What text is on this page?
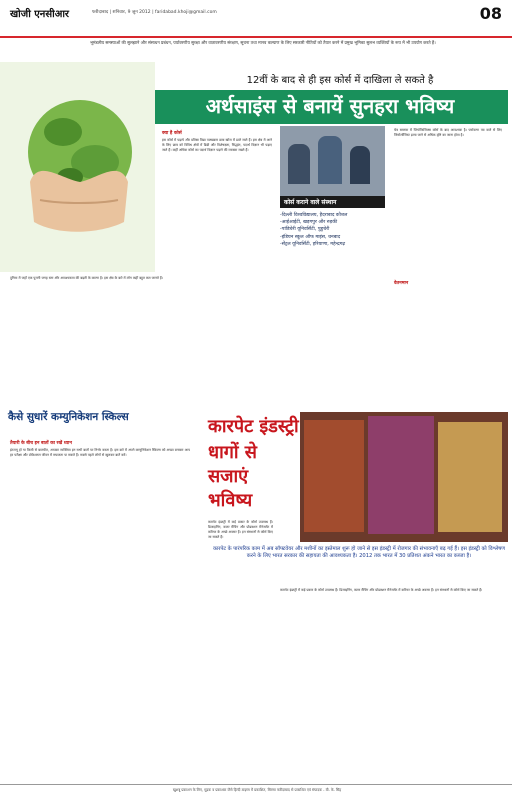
खोजी एनसीआर	फरीदाबाद | शनिवार, 9 जुन 2012 | faridabad.khoji@gmail.com	08
भूमंडलीय समस्याओं की सुलझाने और संसाधन प्रबंधन, पर्यावरणीय सुरक्षा और वातावरणीय संरक्षण, सूचना तथा मानव कल्याण के लिए सरकारी नीतियों को तैयार करने में प्रमुख भूमिका सुलभ व्यक्तियों के रूप में भी उपयोग करते हैं।
12वीं के बाद से ही इस कोर्स में दाखिला ले सकते है
अर्थसाइंस से बनायें सुनहरा भविष्य
क्या है कोर्स
इस कोर्स में पढ़ाये और प्रतिष्ठा विद्या पाठ्यक्रम छात्र खोज में डाले जाते हैं। इस क्षेत्र में आने के लिए छात्र को विविध क्षेत्रों में डिग्री और विशेषज्ञता, सिद्धांत, पदार्थ विज्ञान भी पढ़ाए जाते हैं। कहीं अधिक कोर्स का पदार्थ विज्ञान पढ़ाने की व्याख्या रखते हैं।
कोर्स कराने वाले संस्थान
-दिल्ली विश्वविद्यालय, हैदराबाद कौशल
-आईआईटी, खड़गपुर और रुड़की
-पांडिचेरी यूनिवर्सिटी, पुडुचेरी
-इंडियन स्कूल ऑफ माइंस, धनबाद
-सेंट्रल यूनिवर्सिटी, हरियाणा, महेन्द्रगढ़
चेत्र समस्या में जियोफिजिक्स कोर्स के बाद आवश्यक है। पर्यावरण पत्र वाले से लिए जियोलॉजिस्ट ढ़ाया जाने से अधिक दृष्टि का जाना होता है।
वेतनमान
दुनिया में जहाँ एक पुरानी जगह स्तर और आवश्यकता की बढ़ती के कारण है। इस क्षेत्र के बारे में लोग कहीं बहुत कम जानते हैं।
कैसे सुधारें कम्युनिकेशन स्किल्स
तैयारी के बीच इन बातों का रखें ध्यान
इंटरव्यू हो या किसी से बातचीत, आपका व्यक्तित्व इन सभी बातों पर निर्भर करता है। इस बारे में अपने कम्युनिकेशन स्किल्स को अच्छा बनाकर आप हर परीक्षा और प्रोफेशनल जीवन में सफलता पा सकते हैं। सबसे पहले लोगों से खुलकर बातें करें।
कारपेट इंडस्ट्री
धागों से
सजाएं
भविष्य
कारपेट इंडस्ट्री में कई प्रकार के कोर्स उपलब्ध हैं। डिजाइनिंग, कलर मैचिंग और प्रोडक्शन मैनेजमेंट में करियर के अच्छे अवसर हैं। इन संस्थानों से कोर्स किए जा सकते हैं।
कारपेट के पारंपरिक काम में अब सॉफ्टवेयर और मशीनों का इस्तेमाल शुरू हो जाने से इस इंडस्ट्री में रोजगार की संभावनाएँ बढ़ गई हैं। इस इंडस्ट्री को विश्लेषण करने के लिए भारत सरकार की सहायता की आवश्यकता है। 2012 तक भारत में 30 प्रतिशत अंकने भारत का कब्जा है।
कारपेट इंडस्ट्री में कई प्रकार के कोर्स उपलब्ध हैं। डिजाइनिंग, कलर मैचिंग और प्रोडक्शन मैनेजमेंट में करियर के अच्छे अवसर हैं। इन संस्थानों से कोर्स किए जा सकते हैं।
खुशबू प्रकाशन के लिए, मुद्रक व प्रकाशक जैसे हिन्दी टाइम्स में प्रकाशित, सिरसा फरीदाबाद से प्रकाशित एवं संपादक - बी. के. सिंह
